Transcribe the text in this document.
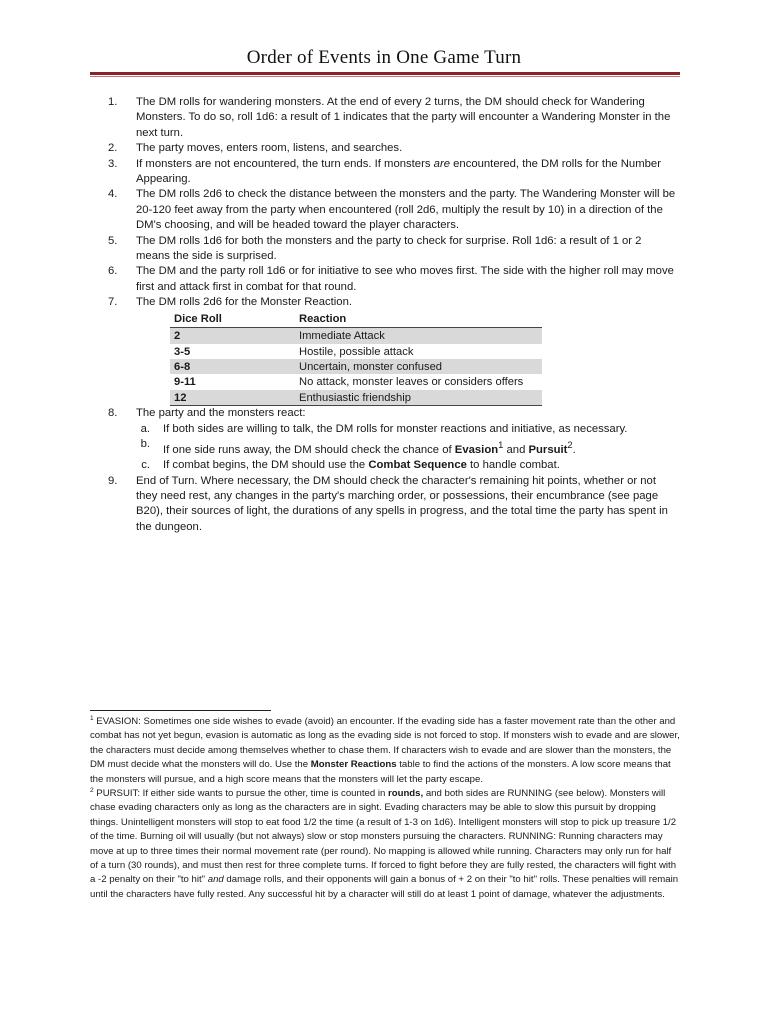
Order of Events in One Game Turn
1.	The DM rolls for wandering monsters. At the end of every 2 turns, the DM should check for Wandering Monsters. To do so, roll 1d6: a result of 1 indicates that the party will encounter a Wandering Monster in the next turn.
2.	The party moves, enters room, listens, and searches.
3.	If monsters are not encountered, the turn ends. If monsters are encountered, the DM rolls for the Number Appearing.
4.	The DM rolls 2d6 to check the distance between the monsters and the party. The Wandering Monster will be 20-120 feet away from the party when encountered (roll 2d6, multiply the result by 10) in a direction of the DM's choosing, and will be headed toward the player characters.
5.	The DM rolls 1d6 for both the monsters and the party to check for surprise. Roll 1d6: a result of 1 or 2 means the side is surprised.
6.	The DM and the party roll 1d6 or for initiative to see who moves first. The side with the higher roll may move first and attack first in combat for that round.
7.	The DM rolls 2d6 for the Monster Reaction.
Dice Roll	Reaction
2	Immediate Attack
3-5	Hostile, possible attack
6-8	Uncertain, monster confused
9-11	No attack, monster leaves or considers offers
12	Enthusiastic friendship
8.	The party and the monsters react:
a.	If both sides are willing to talk, the DM rolls for monster reactions and initiative, as necessary.
b.	If one side runs away, the DM should check the chance of Evasion$^1$ and Pursuit$^2$.
c.	If combat begins, the DM should use the Combat Sequence to handle combat.
9.	End of Turn. Where necessary, the DM should check the character's remaining hit points, whether or not they need rest, any changes in the party's marching order, or possessions, their encumbrance (see page B20), their sources of light, the durations of any spells in progress, and the total time the party has spent in the dungeon.

$^1$ EVASION: Sometimes one side wishes to evade (avoid) an encounter. If the evading side has a faster movement rate than the other and combat has not yet begun, evasion is automatic as long as the evading side is not forced to stop. If monsters wish to evade and are slower, the characters must decide among themselves whether to chase them. If characters wish to evade and are slower than the monsters, the DM must decide what the monsters will do. Use the Monster Reactions table to find the actions of the monsters. A low score means that the monsters will pursue, and a high score means that the monsters will let the party escape.

$^2$ PURSUIT: If either side wants to pursue the other, time is counted in rounds, and both sides are RUNNING (see below). Monsters will chase evading characters only as long as the characters are in sight. Evading characters may be able to slow this pursuit by dropping things. Unintelligent monsters will stop to eat food 1/2 the time (a result of 1-3 on 1d6). Intelligent monsters will stop to pick up treasure 1/2 of the time. Burning oil will usually (but not always) slow or stop monsters pursuing the characters. RUNNING: Running characters may move at up to three times their normal movement rate (per round). No mapping is allowed while running. Characters may only run for half of a turn (30 rounds), and must then rest for three complete turns. If forced to fight before they are fully rested, the characters will fight with a -2 penalty on their "to hit" and damage rolls, and their opponents will gain a bonus of + 2 on their "to hit" rolls. These penalties will remain until the characters have fully rested. Any successful hit by a character will still do at least 1 point of damage, whatever the adjustments.
